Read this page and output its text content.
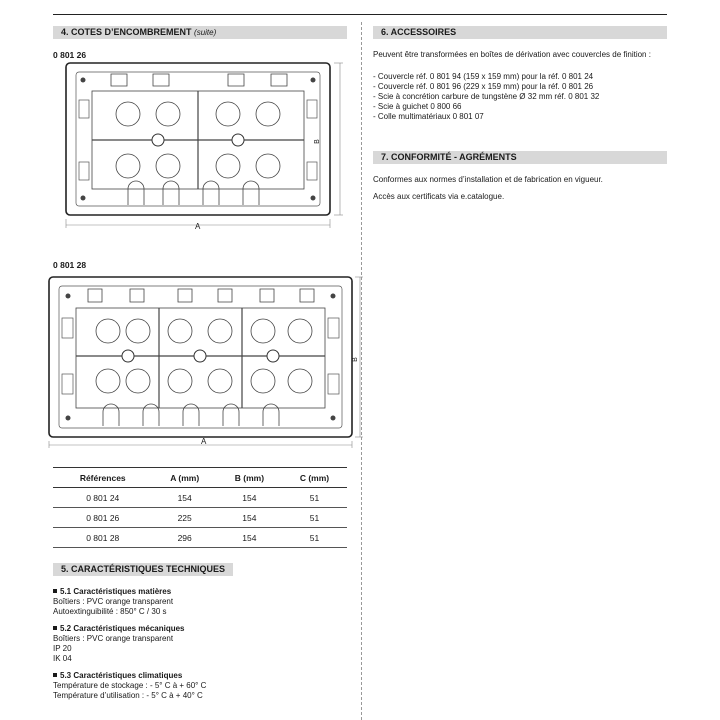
4. COTES D’ENCOMBREMENT (suite)
0 801 26
A
B
0 801 28
A
B
Références	A (mm)	B (mm)	C (mm)
0 801 24	154	154	51
0 801 26	225	154	51
0 801 28	296	154	51
5. CARACTÉRISTIQUES TECHNIQUES
5.1 Caractéristiques matières
Boîtiers : PVC orange transparent
Autoextinguibilité : 850° C / 30 s
5.2 Caractéristiques mécaniques
Boîtiers : PVC orange transparent
IP 20
IK 04
5.3 Caractéristiques climatiques
Température de stockage : - 5° C à + 60° C
Température d’utilisation : - 5° C à + 40° C
6. ACCESSOIRES
Peuvent être transformées en boîtes de dérivation avec couvercles de finition :
- Couvercle réf. 0 801 94 (159 x 159 mm) pour la réf. 0 801 24
- Couvercle réf. 0 801 96 (229 x 159 mm) pour la réf. 0 801 26
- Scie à concrétion carbure de tungstène Ø 32 mm réf. 0 801 32
- Scie à guichet 0 800 66
- Colle multimatériaux 0 801 07
7. CONFORMITÉ - AGRÉMENTS
Conformes aux normes d’installation et de fabrication en vigueur.
Accès aux certificats via e.catalogue.
